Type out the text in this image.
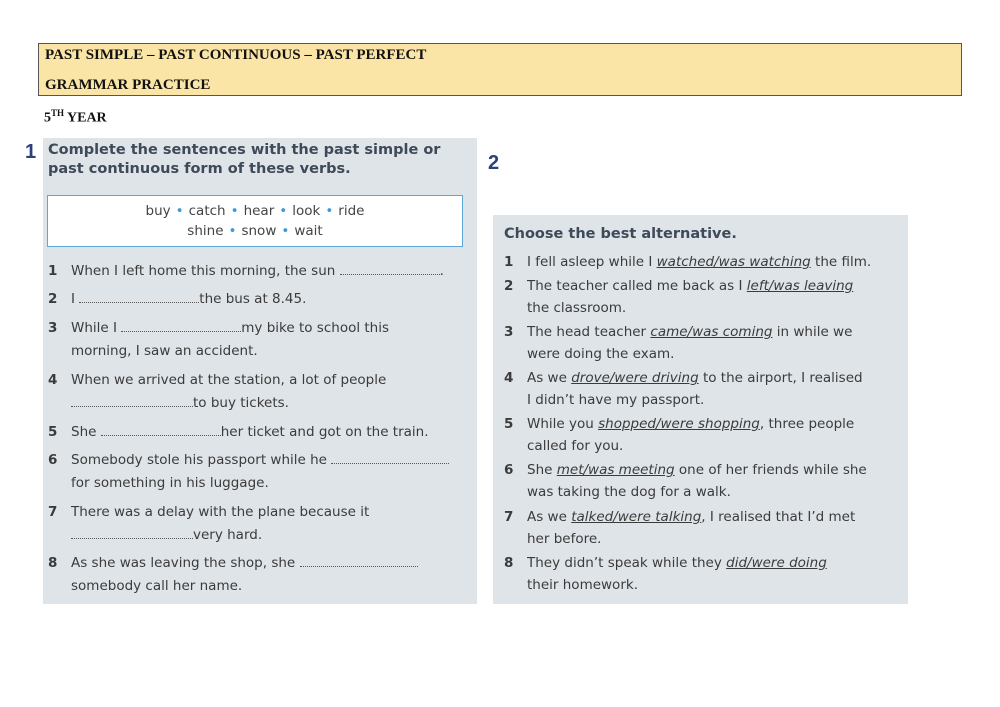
PAST SIMPLE – PAST CONTINUOUS – PAST PERFECT
GRAMMAR PRACTICE
5TH YEAR
1	2
Complete the sentences with the past simple or
past continuous form of these verbs.
buy • catch • hear • look • ride
shine • snow • wait
1 When I left home this morning, the sun	.
2 I	the bus at 8.45.
3 While I	my bike to school this
morning, I saw an accident.
4 When we arrived at the station, a lot of people
to buy tickets.
5 She	her ticket and got on the train.
6 Somebody stole his passport while he
for something in his luggage.
7 There was a delay with the plane because it
very hard.
8 As she was leaving the shop, she
somebody call her name.
Choose the best alternative.
1 I fell asleep while I watched/was watching the film.
2 The teacher called me back as I left/was leaving
the classroom.
3 The head teacher came/was coming in while we
were doing the exam.
4 As we drove/were driving to the airport, I realised
I didn’t have my passport.
5 While you shopped/were shopping, three people
called for you.
6 She met/was meeting one of her friends while she
was taking the dog for a walk.
7 As we talked/were talking, I realised that I’d met
her before.
8 They didn’t speak while they did/were doing
their homework.
